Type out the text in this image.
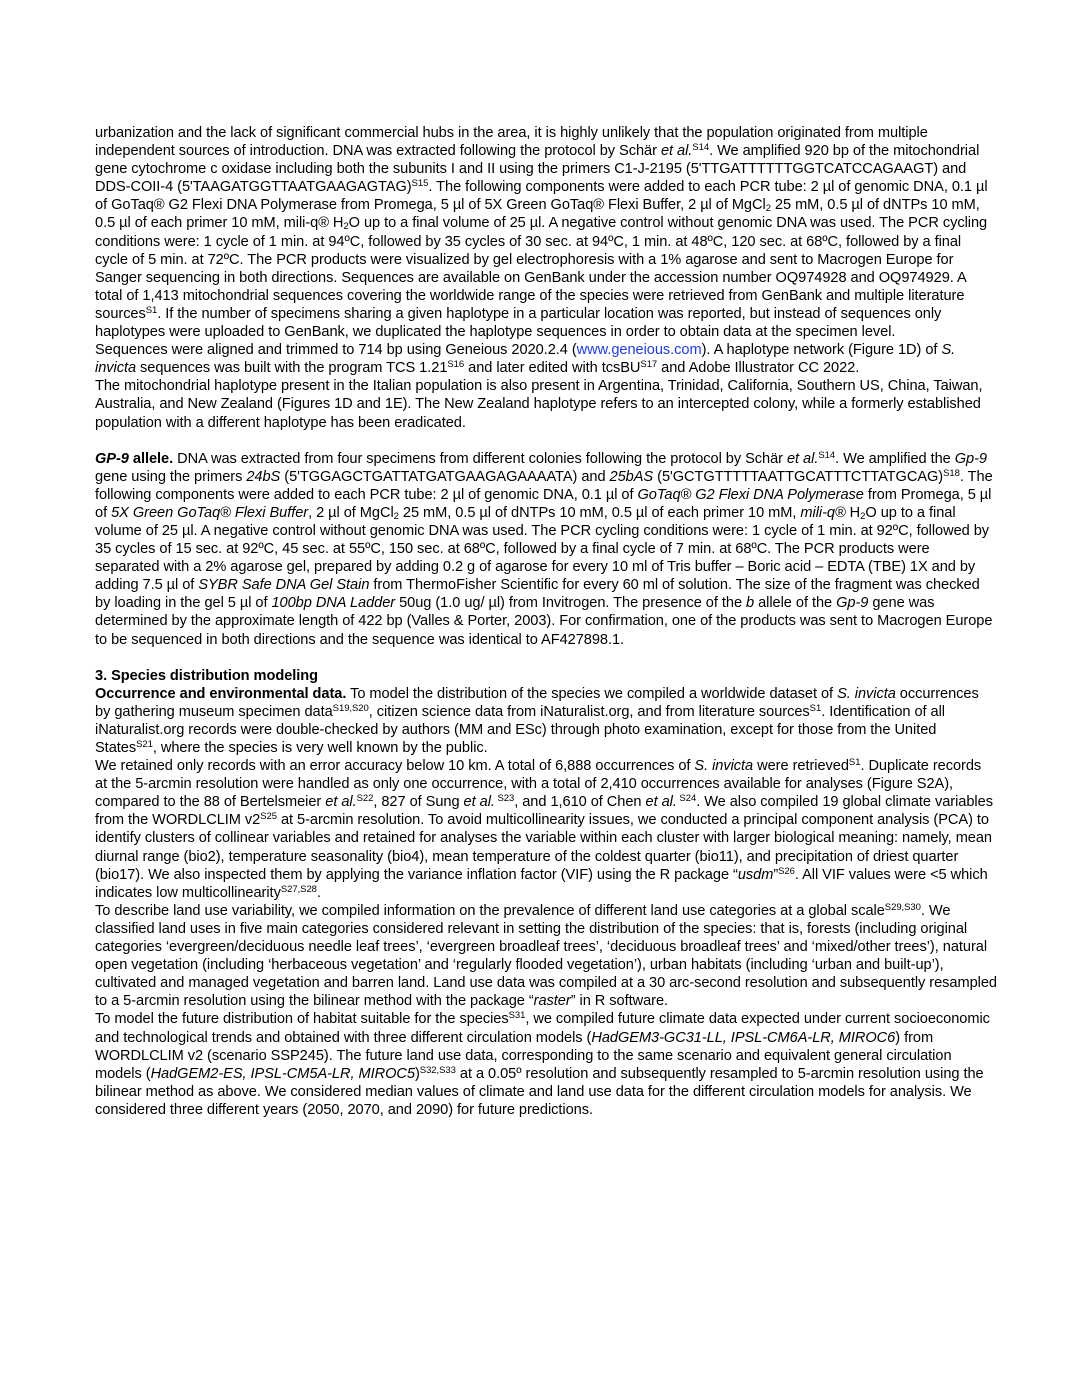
urbanization and the lack of significant commercial hubs in the area, it is highly unlikely that the population originated from multiple independent sources of introduction. DNA was extracted following the protocol by Schär et al.$^{S14}$. We amplified 920 bp of the mitochondrial gene cytochrome c oxidase including both the subunits I and II using the primers C1-J-2195 (5'TTGATTTTTTGGTCATCCAGAAGT) and DDS-COII-4 (5'TAAGATGGTTAATGAAGAGTAG)$^{S15}$. The following components were added to each PCR tube: 2 µl of genomic DNA, 0.1 µl of GoTaq® G2 Flexi DNA Polymerase from Promega, 5 µl of 5X Green GoTaq® Flexi Buffer, 2 µl of MgCl$_2$ 25 mM, 0.5 µl of dNTPs 10 mM, 0.5 µl of each primer 10 mM, mili-q® $H_2O$ up to a final volume of 25 µl. A negative control without genomic DNA was used. The PCR cycling conditions were: 1 cycle of 1 min. at 94ºC, followed by 35 cycles of 30 sec. at 94ºC, 1 min. at 48ºC, 120 sec. at 68ºC, followed by a final cycle of 5 min. at 72ºC. The PCR products were visualized by gel electrophoresis with a 1% agarose and sent to Macrogen Europe for Sanger sequencing in both directions. Sequences are available on GenBank under the accession number OQ974928 and OQ974929. A total of 1,413 mitochondrial sequences covering the worldwide range of the species were retrieved from GenBank and multiple literature sources$^{S1}$. If the number of specimens sharing a given haplotype in a particular location was reported, but instead of sequences only haplotypes were uploaded to GenBank, we duplicated the haplotype sequences in order to obtain data at the specimen level.

Sequences were aligned and trimmed to 714 bp using Geneious 2020.2.4 (www.geneious.com). A haplotype network (Figure 1D) of S. invicta sequences was built with the program TCS $1.21^{S16}$ and later edited with tcsBU$^{S17}$ and Adobe Illustrator CC 2022.

The mitochondrial haplotype present in the Italian population is also present in Argentina, Trinidad, California, Southern US, China, Taiwan, Australia, and New Zealand (Figures 1D and 1E). The New Zealand haplotype refers to an intercepted colony, while a formerly established population with a different haplotype has been eradicated.

GP-9 allele. DNA was extracted from four specimens from different colonies following the protocol by Schär et al.$^{S14}$. We amplified the Gp-9 gene using the primers 24bS (5'TGGAGCTGATTATGATGAAGAGAAAATA) and 25bAS (5'GCTGTTTTTAATTGCATTTCTTATGCAG)$^{S18}$. The following components were added to each PCR tube: 2 µl of genomic DNA, 0.1 µl of GoTaq® G2 Flexi DNA Polymerase from Promega, 5 µl of 5X Green GoTaq® Flexi Buffer, 2 µl of MgCl$_2$ 25 mM, 0.5 µl of dNTPs 10 mM, 0.5 µl of each primer 10 mM, mili-q® $H_2O$ up to a final volume of 25 µl. A negative control without genomic DNA was used. The PCR cycling conditions were: 1 cycle of 1 min. at 92ºC, followed by 35 cycles of 15 sec. at 92ºC, 45 sec. at 55ºC, 150 sec. at 68ºC, followed by a final cycle of 7 min. at 68ºC. The PCR products were separated with a 2% agarose gel, prepared by adding 0.2 g of agarose for every 10 ml of Tris buffer – Boric acid – EDTA (TBE) 1X and by adding 7.5 µl of SYBR Safe DNA Gel Stain from ThermoFisher Scientific for every 60 ml of solution. The size of the fragment was checked by loading in the gel 5 µl of 100bp DNA Ladder 50ug (1.0 ug/ µl) from Invitrogen. The presence of the b allele of the Gp-9 gene was determined by the approximate length of 422 bp (Valles & Porter, 2003). For confirmation, one of the products was sent to Macrogen Europe to be sequenced in both directions and the sequence was identical to AF427898.1.

3. Species distribution modeling

Occurrence and environmental data. To model the distribution of the species we compiled a worldwide dataset of S. invicta occurrences by gathering museum specimen data$^{S19,S20}$, citizen science data from iNaturalist.org, and from literature sources$^{S1}$. Identification of all iNaturalist.org records were double-checked by authors (MM and ESc) through photo examination, except for those from the United States$^{S21}$, where the species is very well known by the public.

We retained only records with an error accuracy below 10 km. A total of 6,888 occurrences of S. invicta were retrieved$^{S1}$. Duplicate records at the 5-arcmin resolution were handled as only one occurrence, with a total of 2,410 occurrences available for analyses (Figure S2A), compared to the 88 of Bertelsmeier et al.$^{S22}$, 827 of Sung et al. $^{S23}$, and 1,610 of Chen et al. $^{S24}$. We also compiled 19 global climate variables from the WORDLCLIM $v2^{S25}$ at 5-arcmin resolution. To avoid multicollinearity issues, we conducted a principal component analysis (PCA) to identify clusters of collinear variables and retained for analyses the variable within each cluster with larger biological meaning: namely, mean diurnal range (bio2), temperature seasonality (bio4), mean temperature of the coldest quarter (bio11), and precipitation of driest quarter (bio17). We also inspected them by applying the variance inflation factor (VIF) using the R package “usdm”$^{S26}$. All VIF values were <5 which indicates low multicollinearity$^{S27,S28}$.

To describe land use variability, we compiled information on the prevalence of different land use categories at a global scale$^{S29,S30}$. We classified land uses in five main categories considered relevant in setting the distribution of the species: that is, forests (including original categories ‘evergreen/deciduous needle leaf trees’, ‘evergreen broadleaf trees’, ‘deciduous broadleaf trees’ and ‘mixed/other trees’), natural open vegetation (including ‘herbaceous vegetation’ and ‘regularly flooded vegetation’), urban habitats (including ‘urban and built-up’), cultivated and managed vegetation and barren land. Land use data was compiled at a 30 arc-second resolution and subsequently resampled to a 5-arcmin resolution using the bilinear method with the package “raster” in R software.

To model the future distribution of habitat suitable for the species$^{S31}$, we compiled future climate data expected under current socioeconomic and technological trends and obtained with three different circulation models (HadGEM3-GC31-LL, IPSL-CM6A-LR, MIROC6) from WORDLCLIM v2 (scenario SSP245). The future land use data, corresponding to the same scenario and equivalent general circulation models (HadGEM2-ES, IPSL-CM5A-LR, MIROC5)$^{S32,S33}$ at a 0.05º resolution and subsequently resampled to 5-arcmin resolution using the bilinear method as above. We considered median values of climate and land use data for the different circulation models for analysis. We considered three different years (2050, 2070, and 2090) for future predictions.
